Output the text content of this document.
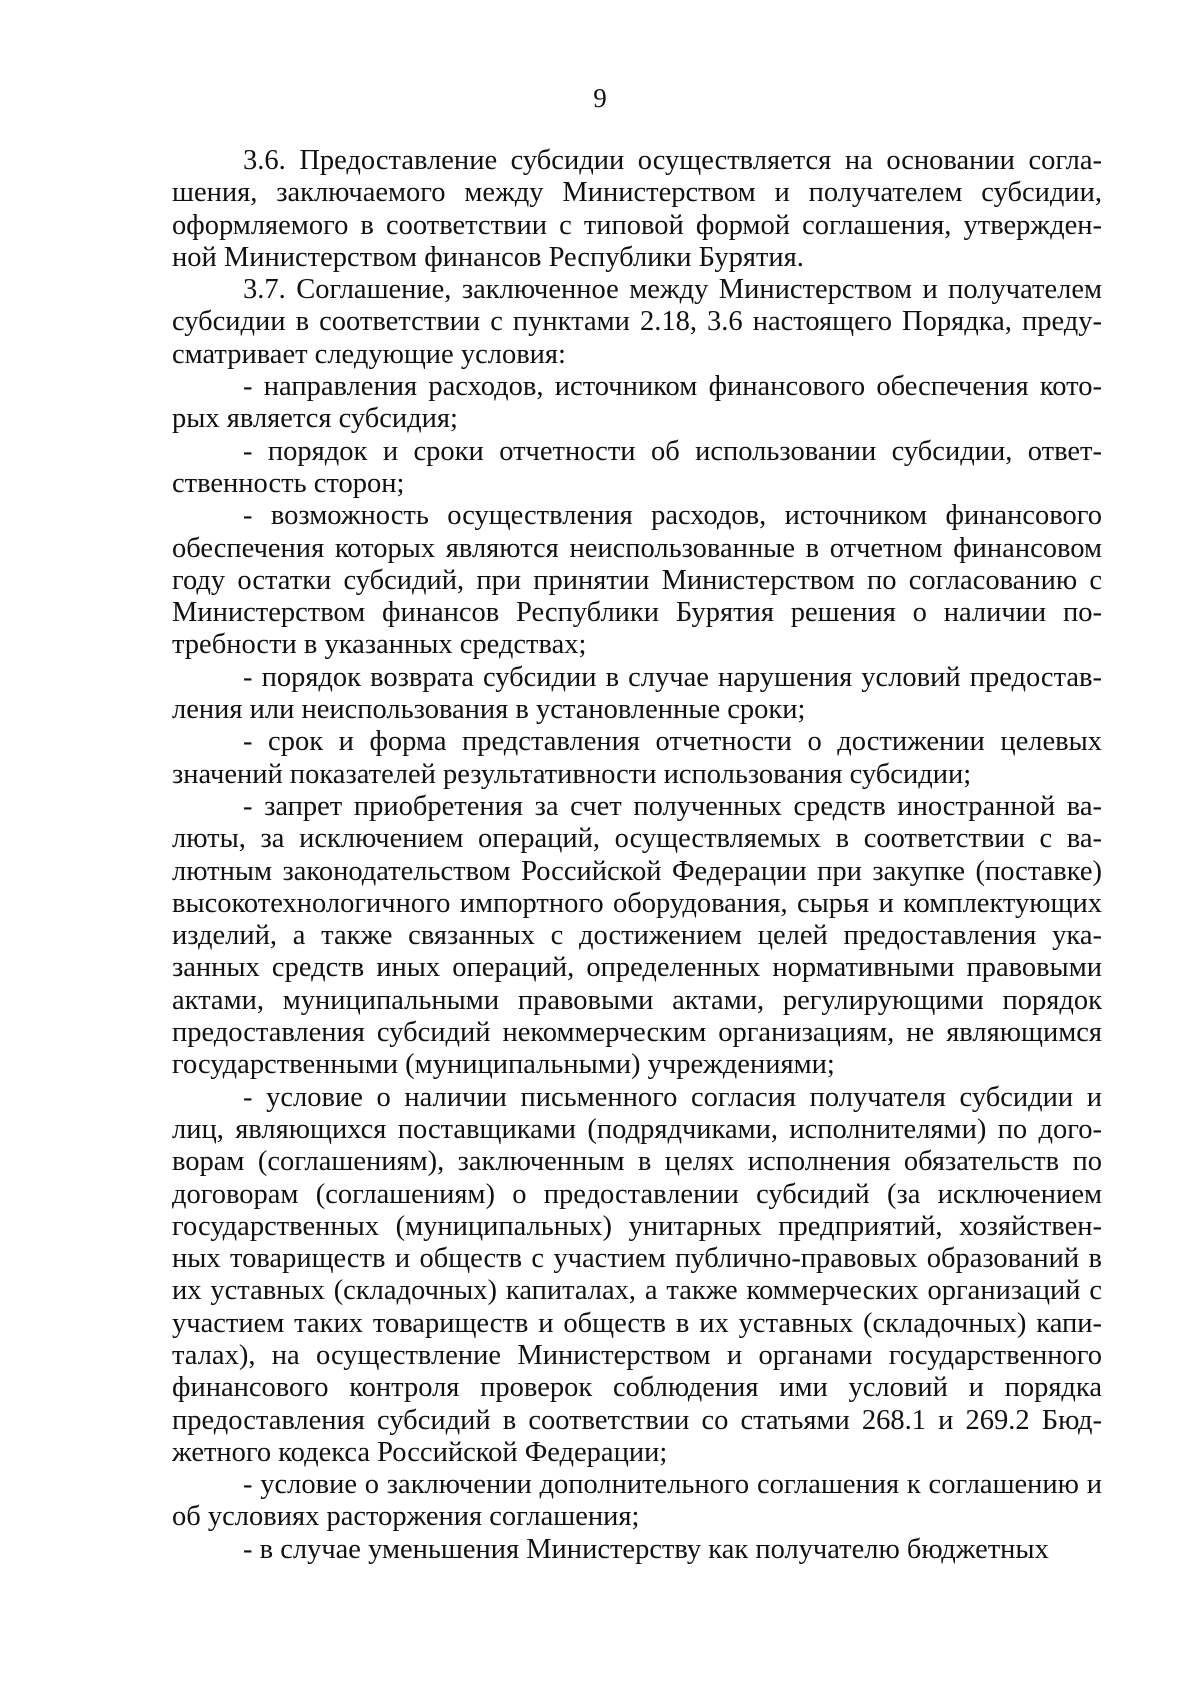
9

3.6. Предоставление субсидии осуществляется на основании соглашения, заключаемого между Министерством и получателем субсидии, оформляемого в соответствии с типовой формой соглашения, утвержденной Министерством финансов Республики Бурятия.

3.7. Соглашение, заключенное между Министерством и получателем субсидии в соответствии с пунктами 2.18, 3.6 настоящего Порядка, предусматривает следующие условия:

- направления расходов, источником финансового обеспечения которых является субсидия;

- порядок и сроки отчетности об использовании субсидии, ответственность сторон;

- возможность осуществления расходов, источником финансового обеспечения которых являются неиспользованные в отчетном финансовом году остатки субсидий, при принятии Министерством по согласованию с Министерством финансов Республики Бурятия решения о наличии потребности в указанных средствах;

- порядок возврата субсидии в случае нарушения условий предоставления или неиспользования в установленные сроки;

- срок и форма представления отчетности о достижении целевых значений показателей результативности использования субсидии;

- запрет приобретения за счет полученных средств иностранной валюты, за исключением операций, осуществляемых в соответствии с валютным законодательством Российской Федерации при закупке (поставке) высокотехнологичного импортного оборудования, сырья и комплектующих изделий, а также связанных с достижением целей предоставления указанных средств иных операций, определенных нормативными правовыми актами, муниципальными правовыми актами, регулирующими порядок предоставления субсидий некоммерческим организациям, не являющимся государственными (муниципальными) учреждениями;

- условие о наличии письменного согласия получателя субсидии и лиц, являющихся поставщиками (подрядчиками, исполнителями) по договорам (соглашениям), заключенным в целях исполнения обязательств по договорам (соглашениям) о предоставлении субсидий (за исключением государственных (муниципальных) унитарных предприятий, хозяйственных товариществ и обществ с участием публично-правовых образований в их уставных (складочных) капиталах, а также коммерческих организаций с участием таких товариществ и обществ в их уставных (складочных) капиталах), на осуществление Министерством и органами государственного финансового контроля проверок соблюдения ими условий и порядка предоставления субсидий в соответствии со статьями 268.1 и 269.2 Бюджетного кодекса Российской Федерации;

- условие о заключении дополнительного соглашения к соглашению и об условиях расторжения соглашения;

- в случае уменьшения Министерству как получателю бюджетных
